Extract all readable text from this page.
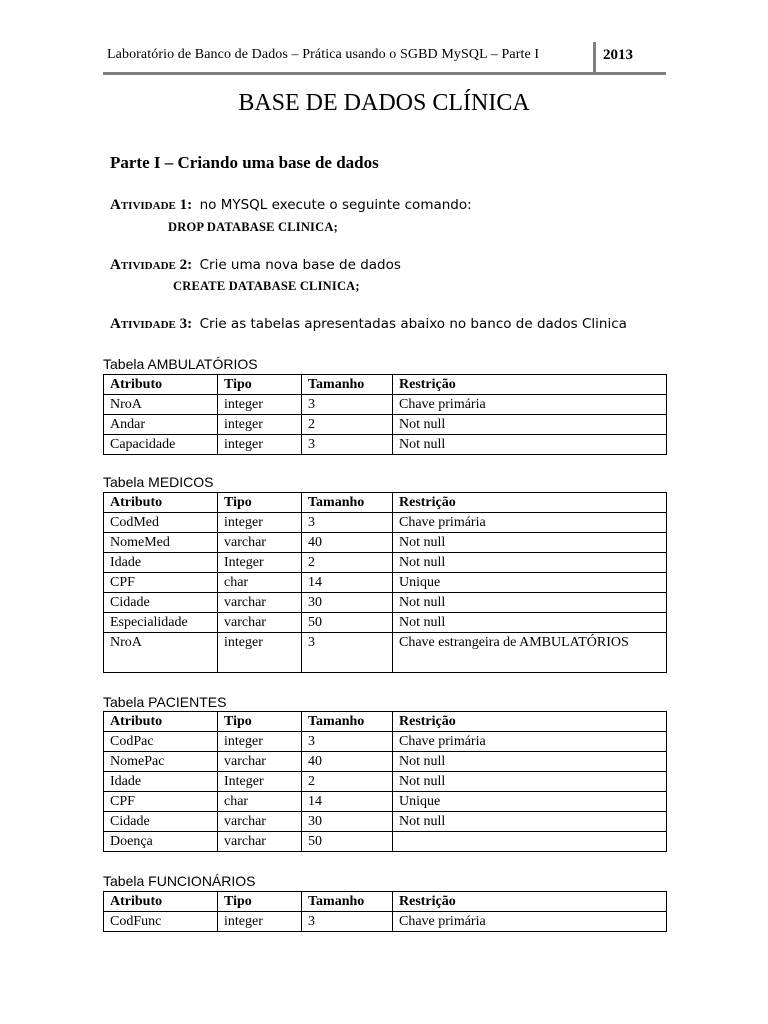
Laboratório de Banco de Dados – Prática usando o SGBD MySQL – Parte I	2013
BASE DE DADOS CLÍNICA
Parte I – Criando uma base de dados
Atividade 1: no MYSQL execute o seguinte comando:
DROP DATABASE CLINICA;
Atividade 2: Crie uma nova base de dados
CREATE DATABASE CLINICA;
Atividade 3: Crie as tabelas apresentadas abaixo no banco de dados Clinica
Tabela AMBULATÓRIOS
Atributo	Tipo	Tamanho	Restrição
NroA	integer	3	Chave primária
Andar	integer	2	Not null
Capacidade	integer	3	Not null
Tabela MEDICOS
Atributo	Tipo	Tamanho	Restrição
CodMed	integer	3	Chave primária
NomeMed	varchar	40	Not null
Idade	Integer	2	Not null
CPF	char	14	Unique
Cidade	varchar	30	Not null
Especialidade	varchar	50	Not null
NroA	integer	3	Chave estrangeira de AMBULATÓRIOS
Tabela PACIENTES
Atributo	Tipo	Tamanho	Restrição
CodPac	integer	3	Chave primária
NomePac	varchar	40	Not null
Idade	Integer	2	Not null
CPF	char	14	Unique
Cidade	varchar	30	Not null
Doença	varchar	50	
Tabela FUNCIONÁRIOS
Atributo	Tipo	Tamanho	Restrição
CodFunc	integer	3	Chave primária
